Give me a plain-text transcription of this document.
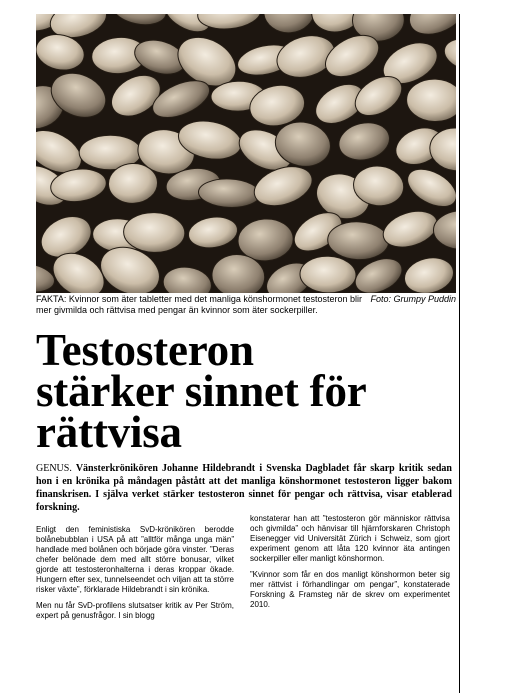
FAKTA: Kvinnor som äter tabletter med det manliga könshormonet testosteron blir mer givmilda och rättvisa med pengar än kvinnor som äter sockerpiller.
Foto: Grumpy Puddin
Testosteron
stärker sinnet för
rättvisa

GENUS. Vänsterkrönikören Johanne Hildebrandt i Svenska Dagbladet får skarp kritik sedan hon i en krönika på måndagen påstått att det manliga könshormonet testosteron ligger bakom finanskrisen. I själva verket stärker testosteron sinnet för pengar och rättvisa, visar etablerad forskning.

Enligt den feministiska SvD-krönikören berodde bolånebubblan i USA på att ”alltför många unga män” handlade med bolånen och började göra vinster. ”Deras chefer belönade dem med allt större bonusar, vilket gjorde att testosteronhalterna i deras kroppar ökade. Hungern efter sex, tunnelseendet och viljan att ta större risker växte”, förklarade Hildebrandt i sin krönika.

Men nu får SvD-profilens slutsatser kritik av Per Ström, expert på genusfrågor. I sin blogg

konstaterar han att ”testosteron gör människor rättvisa och givmilda” och hänvisar till hjärnforskaren Christoph Eisenegger vid Universität Zürich i Schweiz, som gjort experiment genom att låta 120 kvinnor äta antingen sockerpiller eller manligt könshormon.

”Kvinnor som får en dos manligt könshormon beter sig mer rättvist i förhandlingar om pengar”, konstaterade Forskning & Framsteg när de skrev om experimentet 2010.
